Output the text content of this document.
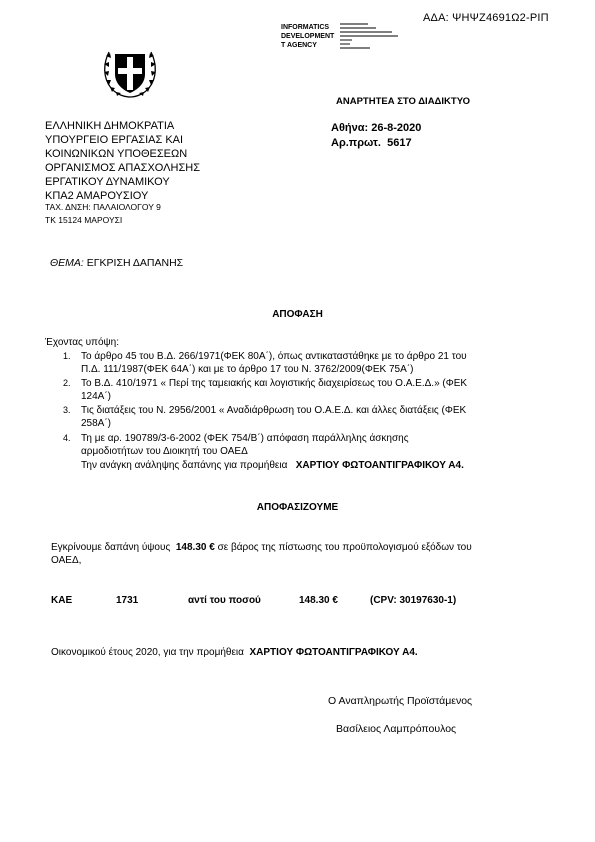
ΑΔΑ: ΨΗΨΖ4691Ω2-ΡΙΠ
INFORMATICS
DEVELOPMENT
T AGENCY
ΑΝΑΡΤΗΤΕΑ ΣΤΟ ΔΙΑΔΙΚΤΥΟ
ΕΛΛΗΝΙΚΗ ΔΗΜΟΚΡΑΤΙΑ
ΥΠΟΥΡΓΕΙΟ ΕΡΓΑΣΙΑΣ ΚΑΙ
ΚΟΙΝΩΝΙΚΩΝ ΥΠΟΘΕΣΕΩΝ
ΟΡΓΑΝΙΣΜΟΣ ΑΠΑΣΧΟΛΗΣΗΣ
ΕΡΓΑΤΙΚΟΥ ΔΥΝΑΜΙΚΟΥ
ΚΠΑ2 ΑΜΑΡΟΥΣΙΟΥ
ΤΑΧ. ΔΝΣΗ: ΠΑΛΑΙΟΛΟΓΟΥ 9
ΤΚ 15124 ΜΑΡΟΥΣΙ
Αθήνα: 26-8-2020
Αρ.πρωτ.  5617
ΘΕΜΑ: ΕΓΚΡΙΣΗ ΔΑΠΑΝΗΣ
ΑΠΟΦΑΣΗ
Έχοντας υπόψη:
1. Το άρθρο 45 του Β.Δ. 266/1971(ΦΕΚ 80Α΄), όπως αντικαταστάθηκε με το άρθρο 21 του
Π.Δ. 111/1987(ΦΕΚ 64Α΄) και με το άρθρο 17 του Ν. 3762/2009(ΦΕΚ 75Α΄)
2. Το Β.Δ. 410/1971 « Περί της ταμειακής και λογιστικής διαχειρίσεως του Ο.Α.Ε.Δ.» (ΦΕΚ
124Α΄)
3. Τις διατάξεις του Ν. 2956/2001 « Αναδιάρθρωση του Ο.Α.Ε.Δ. και άλλες διατάξεις (ΦΕΚ
258Α΄)
4. Τη με αρ. 190789/3-6-2002 (ΦΕΚ 754/Β΄) απόφαση παράλληλης άσκησης
αρμοδιοτήτων του Διοικητή του ΟΑΕΔ
Την ανάγκη ανάληψης δαπάνης για προμήθεια ΧΑΡΤΙΟΥ ΦΩΤΟΑΝΤΙΓΡΑΦΙΚΟΥ Α4.
ΑΠΟΦΑΣΙΖΟΥΜΕ
Εγκρίνουμε δαπάνη ύψους 148.30 € σε βάρος της πίστωσης του προϋπολογισμού εξόδων του
ΟΑΕΔ,
ΚΑΕ	1731	αντί του ποσού	148.30 €	(CPV: 30197630-1)
Οικονομικού έτους 2020, για την προμήθεια ΧΑΡΤΙΟΥ ΦΩΤΟΑΝΤΙΓΡΑΦΙΚΟΥ Α4.
Ο Αναπληρωτής Προϊστάμενος
Βασίλειος Λαμπρόπουλος
